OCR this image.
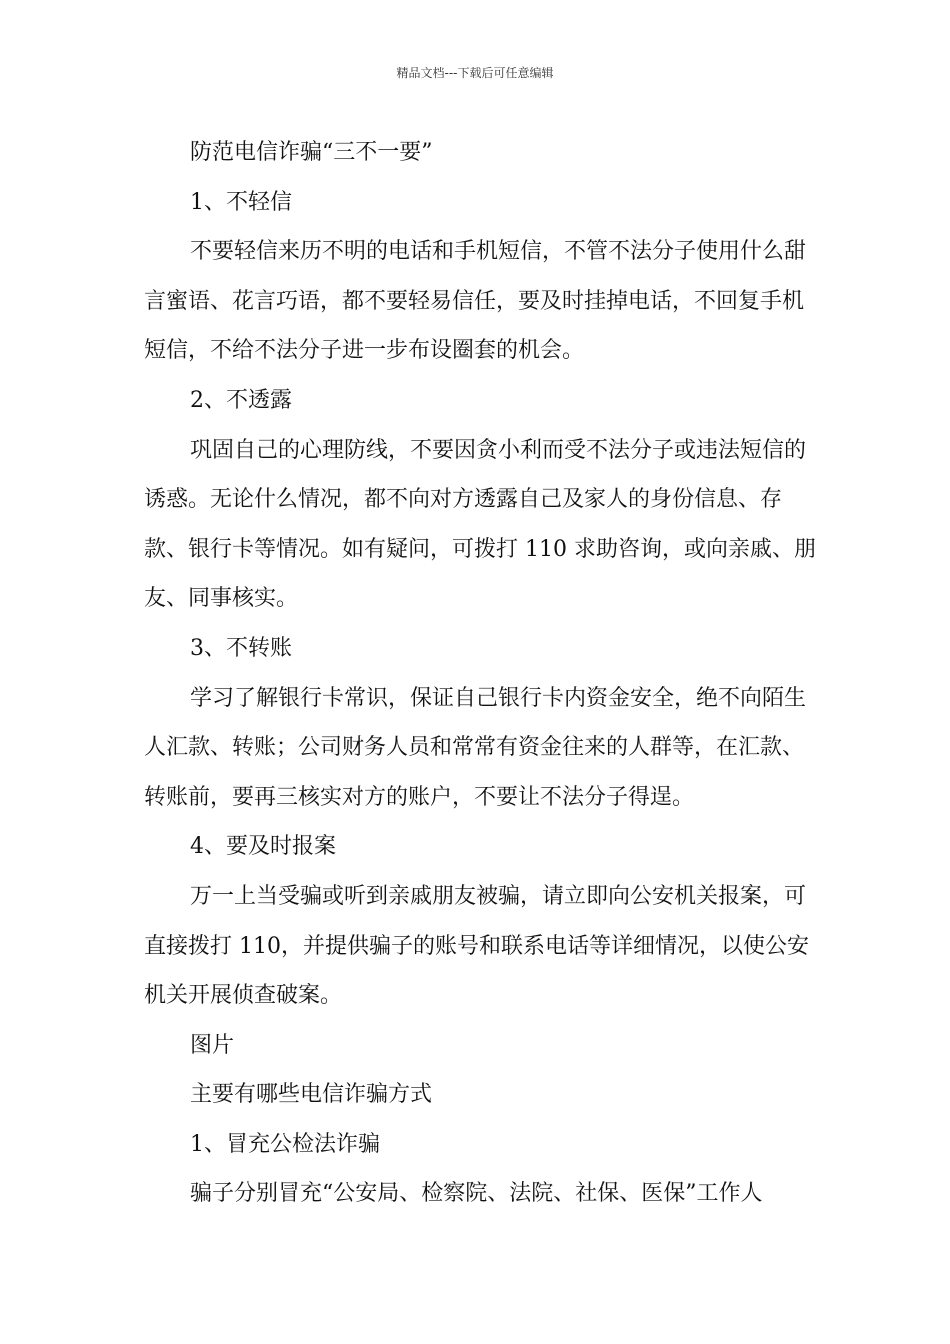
精品文档---下载后可任意编辑

防范电信诈骗“三不一要”

1、不轻信

不要轻信来历不明的电话和手机短信，不管不法分子使用什么甜言蜜语、花言巧语，都不要轻易信任，要及时挂掉电话，不回复手机短信，不给不法分子进一步布设圈套的机会。

2、不透露

巩固自己的心理防线，不要因贪小利而受不法分子或违法短信的诱惑。无论什么情况，都不向对方透露自己及家人的身份信息、存款、银行卡等情况。如有疑问，可拨打 110 求助咨询，或向亲戚、朋友、同事核实。

3、不转账

学习了解银行卡常识，保证自己银行卡内资金安全，绝不向陌生人汇款、转账；公司财务人员和常常有资金往来的人群等，在汇款、转账前，要再三核实对方的账户，不要让不法分子得逞。

4、要及时报案

万一上当受骗或听到亲戚朋友被骗，请立即向公安机关报案，可直接拨打 110，并提供骗子的账号和联系电话等详细情况，以使公安机关开展侦查破案。

图片

主要有哪些电信诈骗方式

1、冒充公检法诈骗

骗子分别冒充“公安局、检察院、法院、社保、医保”工作人
